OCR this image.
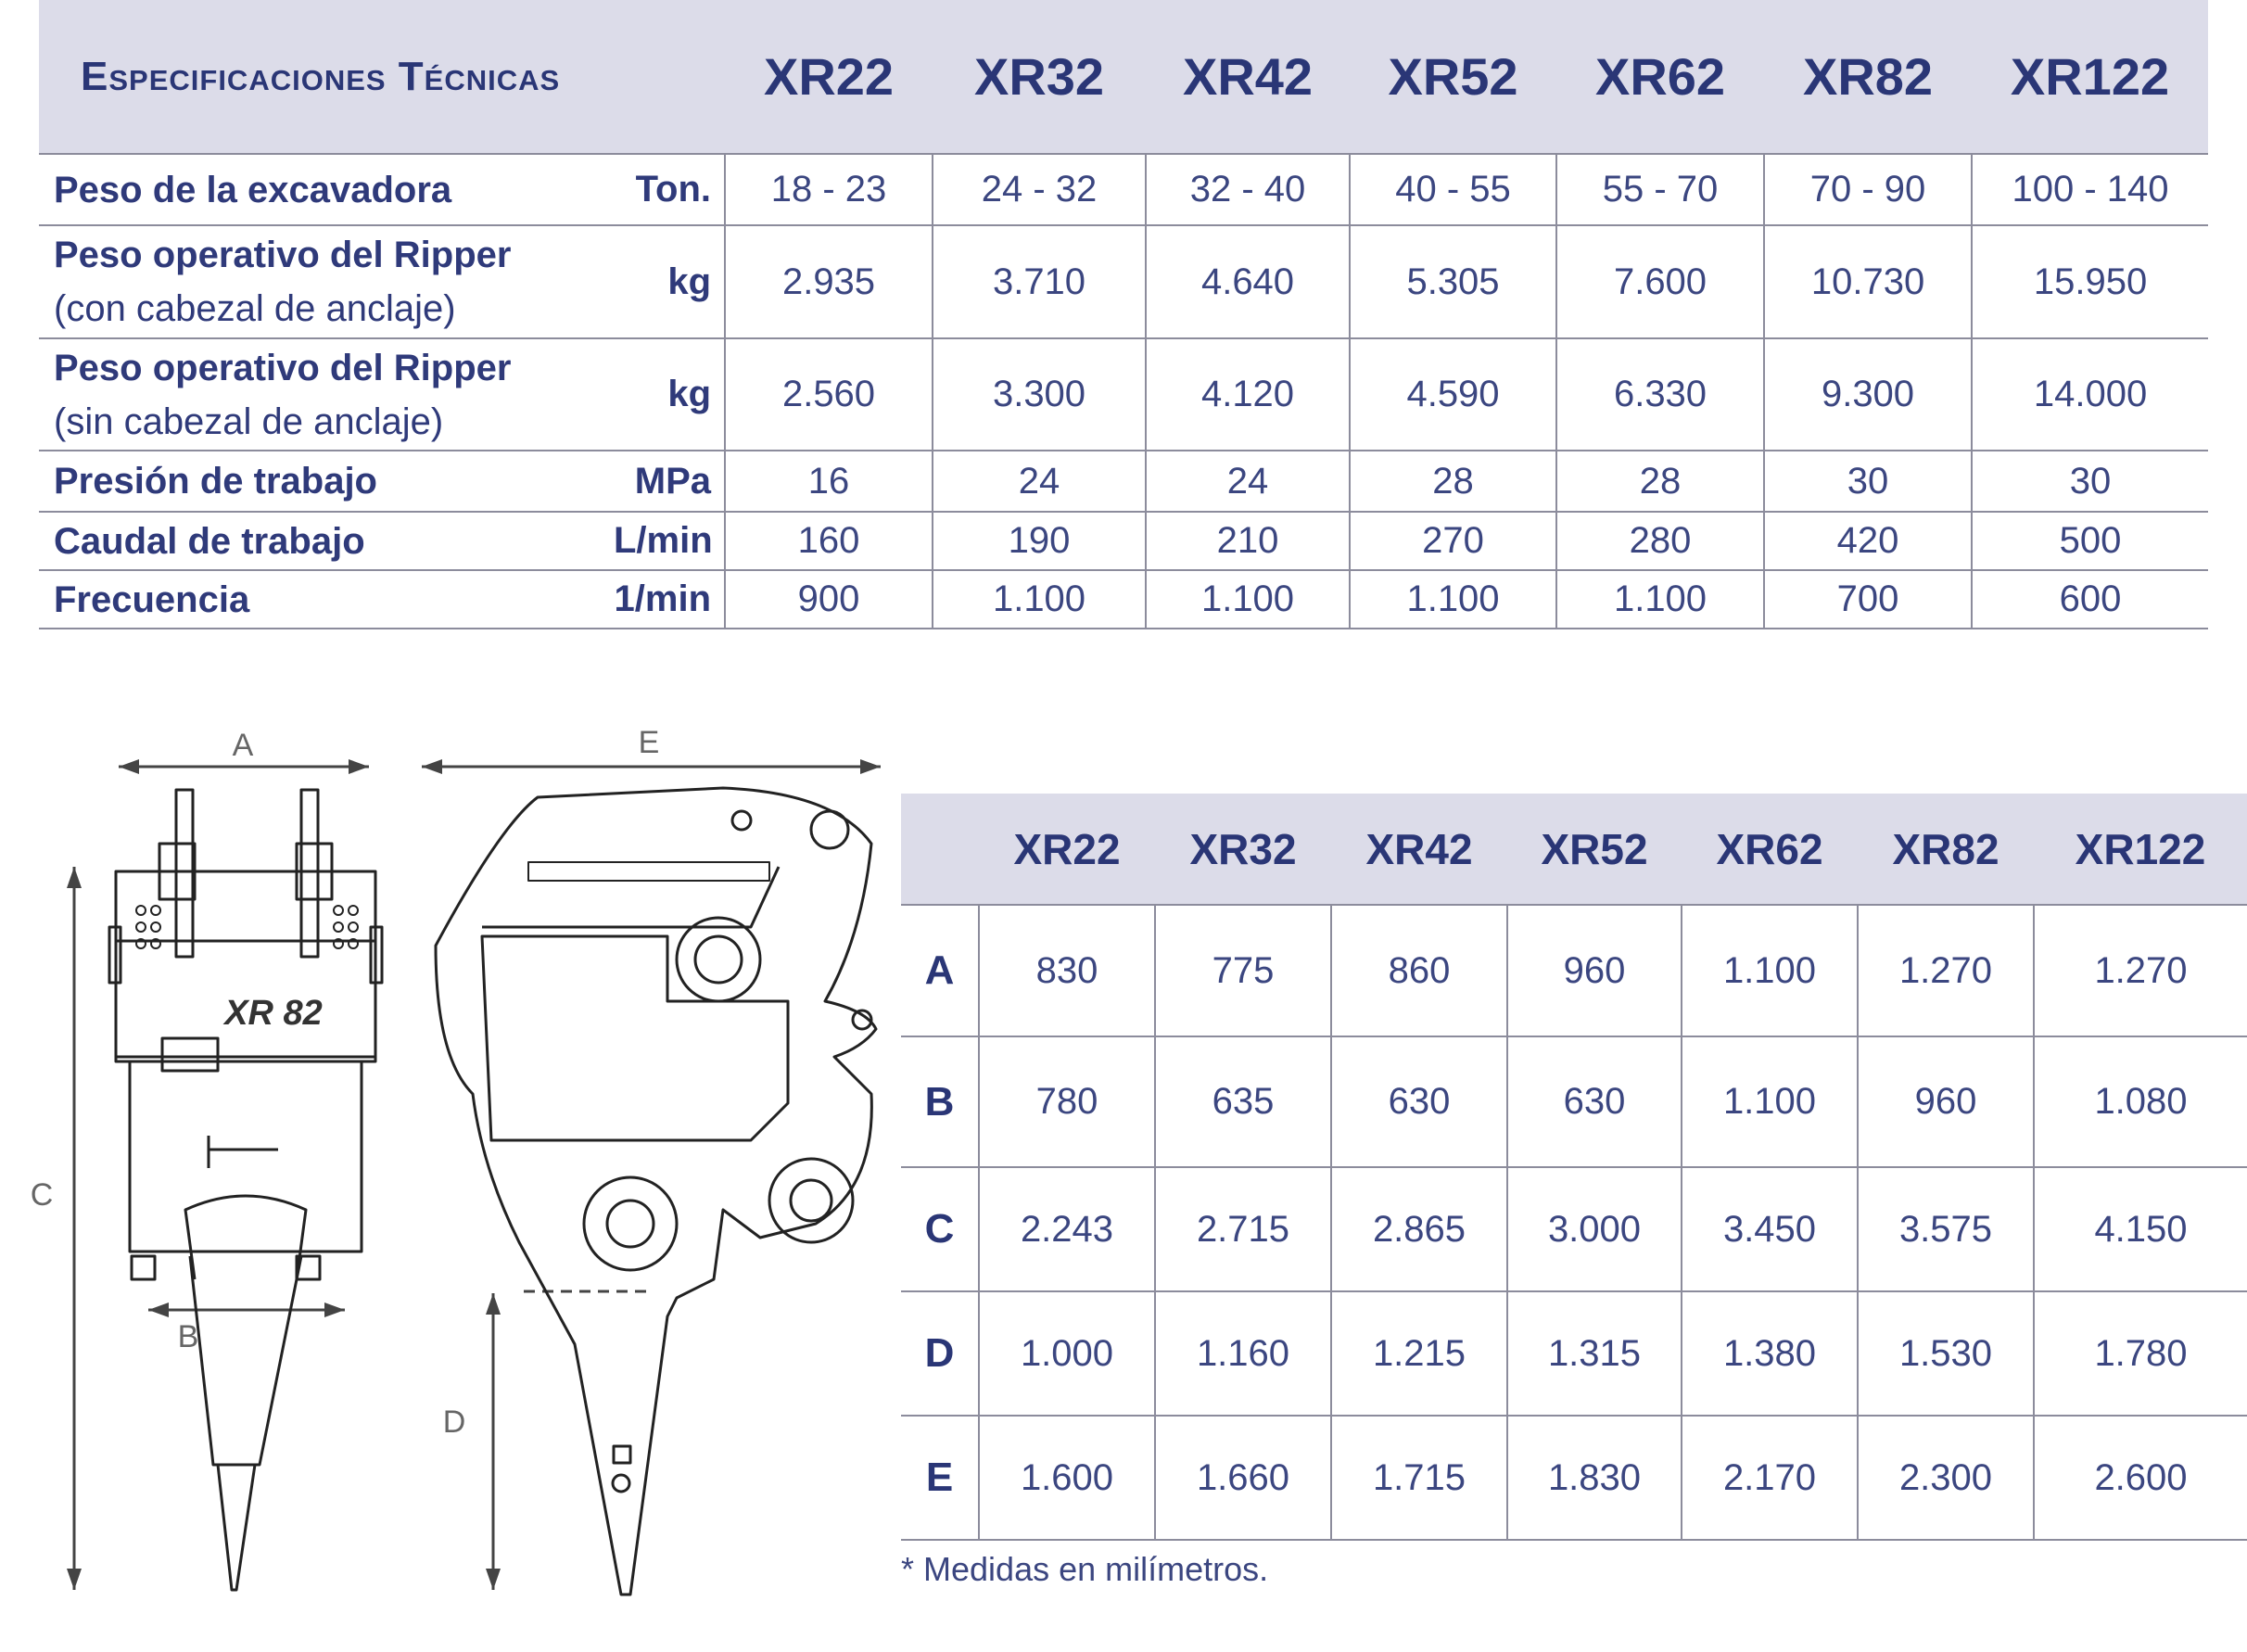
Especificaciones Técnicas		XR22	XR32	XR42	XR52	XR62	XR82	XR122
Peso de la excavadora	Ton.	18 - 23	24 - 32	32 - 40	40 - 55	55 - 70	70 - 90	100 - 140
Peso operativo del Ripper
(con cabezal de anclaje)	kg	2.935	3.710	4.640	5.305	7.600	10.730	15.950
Peso operativo del Ripper
(sin cabezal de anclaje)	kg	2.560	3.300	4.120	4.590	6.330	9.300	14.000
Presión de trabajo	MPa	16	24	24	28	28	30	30
Caudal de trabajo	L/min	160	190	210	270	280	420	500
Frecuencia	1/min	900	1.100	1.100	1.100	1.100	700	600
A	E
C
B
D
XR 82
	XR22	XR32	XR42	XR52	XR62	XR82	XR122
A	830	775	860	960	1.100	1.270	1.270
B	780	635	630	630	1.100	960	1.080
C	2.243	2.715	2.865	3.000	3.450	3.575	4.150
D	1.000	1.160	1.215	1.315	1.380	1.530	1.780
E	1.600	1.660	1.715	1.830	2.170	2.300	2.600
* Medidas en milímetros.
